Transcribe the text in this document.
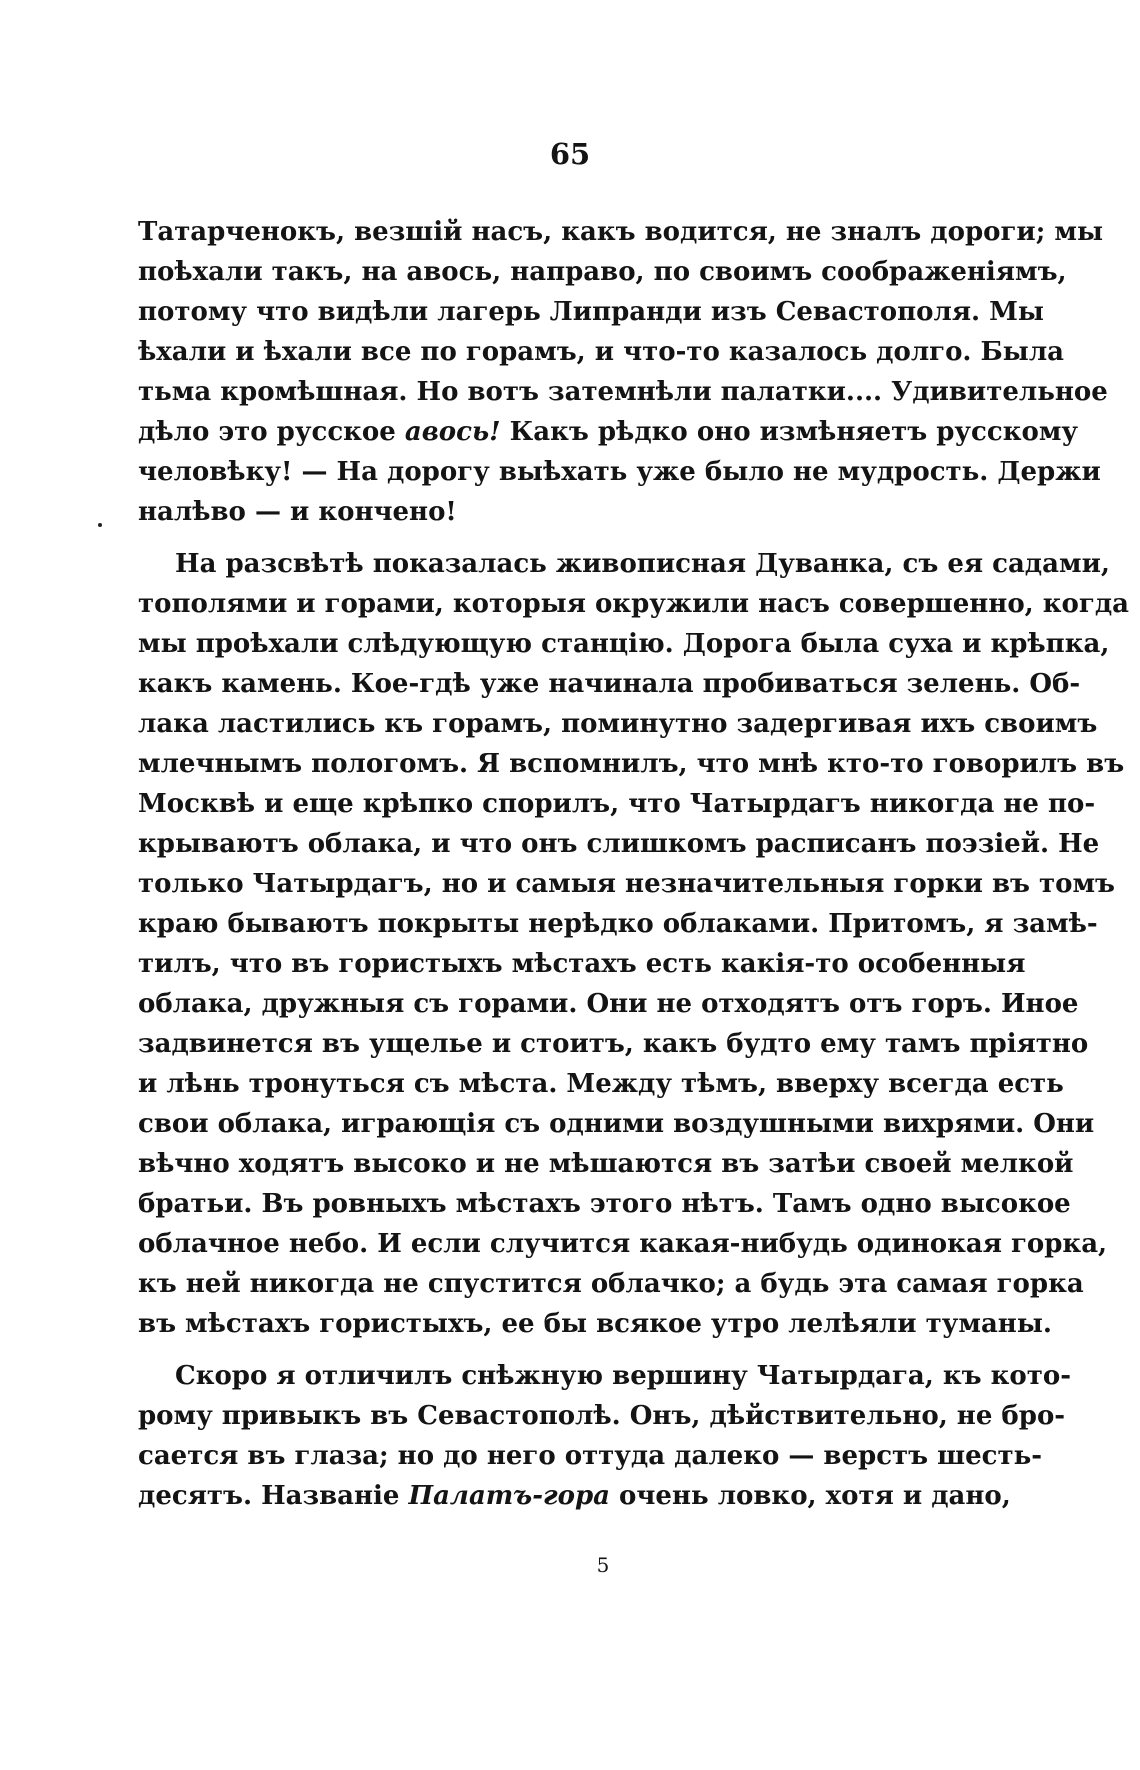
65
Татарченокъ, везшій насъ, какъ водится, не зналъ дороги; мы
поѣхали такъ, на авось, направо, по своимъ соображеніямъ,
потому что видѣли лагерь Липранди изъ Севастополя. Мы
ѣхали и ѣхали все по горамъ, и что-то казалось долго. Была
тьма кромѣшная. Но вотъ затемнѣли палатки.... Удивительное
дѣло это русское авось! Какъ рѣдко оно измѣняетъ русскому
человѣку! — На дорогу выѣхать уже было не мудрость. Держи
налѣво — и кончено!
На разсвѣтѣ показалась живописная Дуванка, съ ея садами,
тополями и горами, которыя окружили насъ совершенно, когда
мы проѣхали слѣдующую станцію. Дорога была суха и крѣпка,
какъ камень. Кое-гдѣ уже начинала пробиваться зелень. Об-
лака ластились къ горамъ, поминутно задергивая ихъ своимъ
млечнымъ пологомъ. Я вспомнилъ, что мнѣ кто-то говорилъ въ
Москвѣ и еще крѣпко спорилъ, что Чатырдагъ никогда не по-
крываютъ облака, и что онъ слишкомъ расписанъ поэзіей. Не
только Чатырдагъ, но и самыя незначительныя горки въ томъ
краю бываютъ покрыты нерѣдко облаками. Притомъ, я замѣ-
тилъ, что въ гористыхъ мѣстахъ есть какія-то особенныя
облака, дружныя съ горами. Они не отходятъ отъ горъ. Иное
задвинется въ ущелье и стоитъ, какъ будто ему тамъ пріятно
и лѣнь тронуться съ мѣста. Между тѣмъ, вверху всегда есть
свои облака, играющія съ одними воздушными вихрями. Они
вѣчно ходятъ высоко и не мѣшаются въ затѣи своей мелкой
братьи. Въ ровныхъ мѣстахъ этого нѣтъ. Тамъ одно высокое
облачное небо. И если случится какая-нибудь одинокая горка,
къ ней никогда не спустится облачко; а будь эта самая горка
въ мѣстахъ гористыхъ, ее бы всякое утро лелѣяли туманы.
Скоро я отличилъ снѣжную вершину Чатырдага, къ кото-
рому привыкъ въ Севастополѣ. Онъ, дѣйствительно, не бро-
сается въ глаза; но до него оттуда далеко — верстъ шесть-
десятъ. Названіе Палатъ-гора очень ловко, хотя и дано,
5
